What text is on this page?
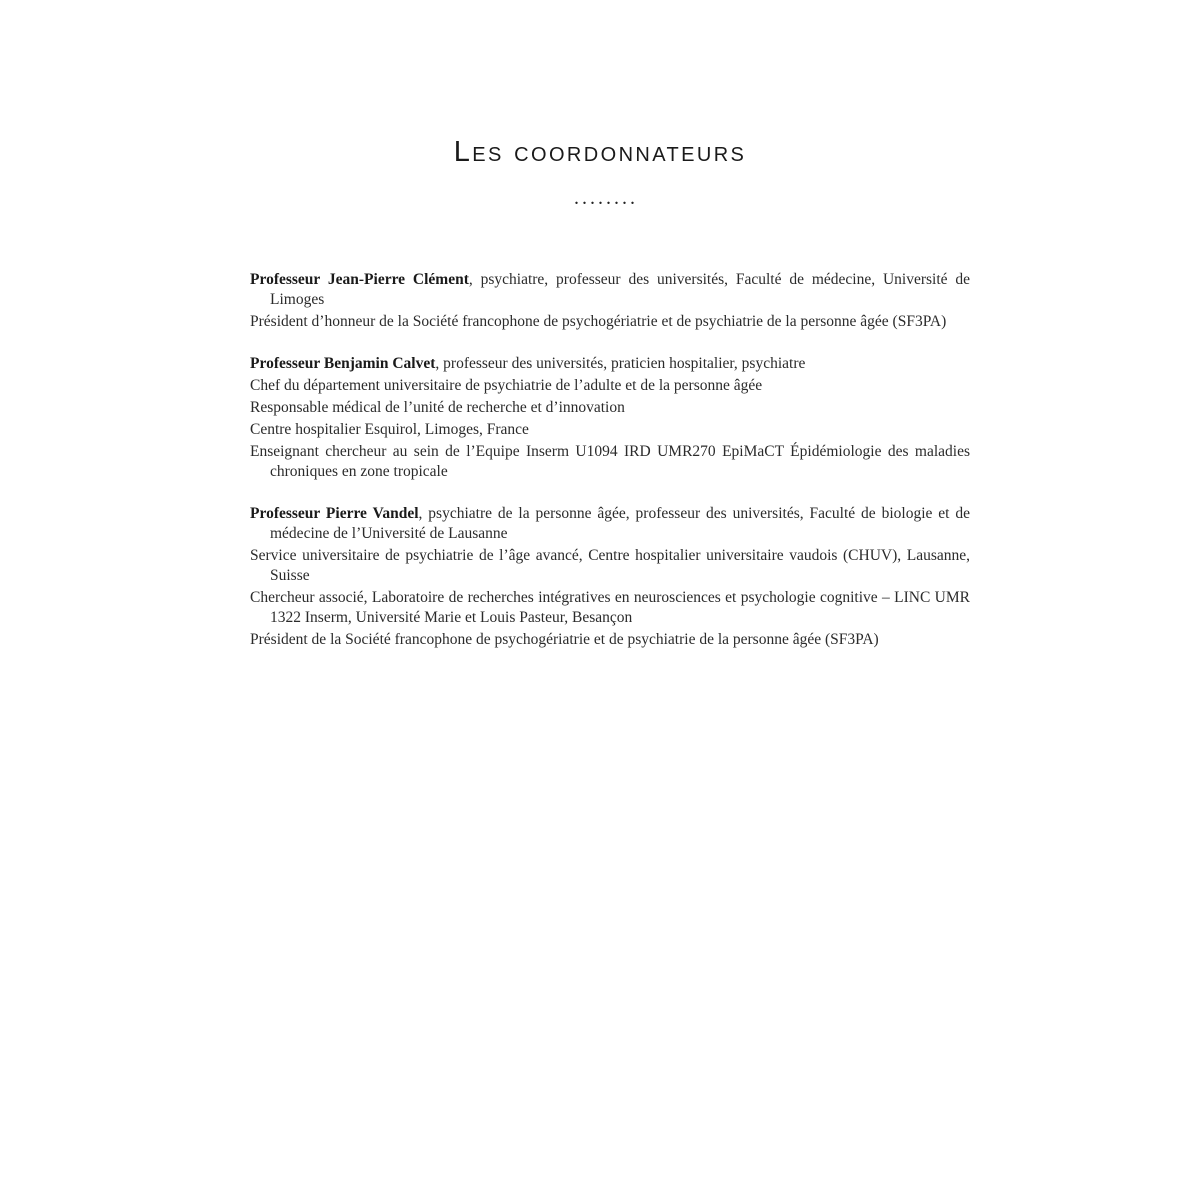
Les coordonnateurs
........

Professeur Jean-Pierre Clément, psychiatre, professeur des universités, Faculté de médecine, Université de Limoges

Président d’honneur de la Société francophone de psychogériatrie et de psychiatrie de la personne âgée (SF3PA)

Professeur Benjamin Calvet, professeur des universités, praticien hospitalier, psychiatre

Chef du département universitaire de psychiatrie de l’adulte et de la personne âgée

Responsable médical de l’unité de recherche et d’innovation

Centre hospitalier Esquirol, Limoges, France

Enseignant chercheur au sein de l’Equipe Inserm U1094 IRD UMR270 EpiMaCT Épidémiologie des maladies chroniques en zone tropicale

Professeur Pierre Vandel, psychiatre de la personne âgée, professeur des universités, Faculté de biologie et de médecine de l’Université de Lausanne

Service universitaire de psychiatrie de l’âge avancé, Centre hospitalier universitaire vaudois (CHUV), Lausanne, Suisse

Chercheur associé, Laboratoire de recherches intégratives en neurosciences et psychologie cognitive – LINC UMR 1322 Inserm, Université Marie et Louis Pasteur, Besançon

Président de la Société francophone de psychogériatrie et de psychiatrie de la personne âgée (SF3PA)
